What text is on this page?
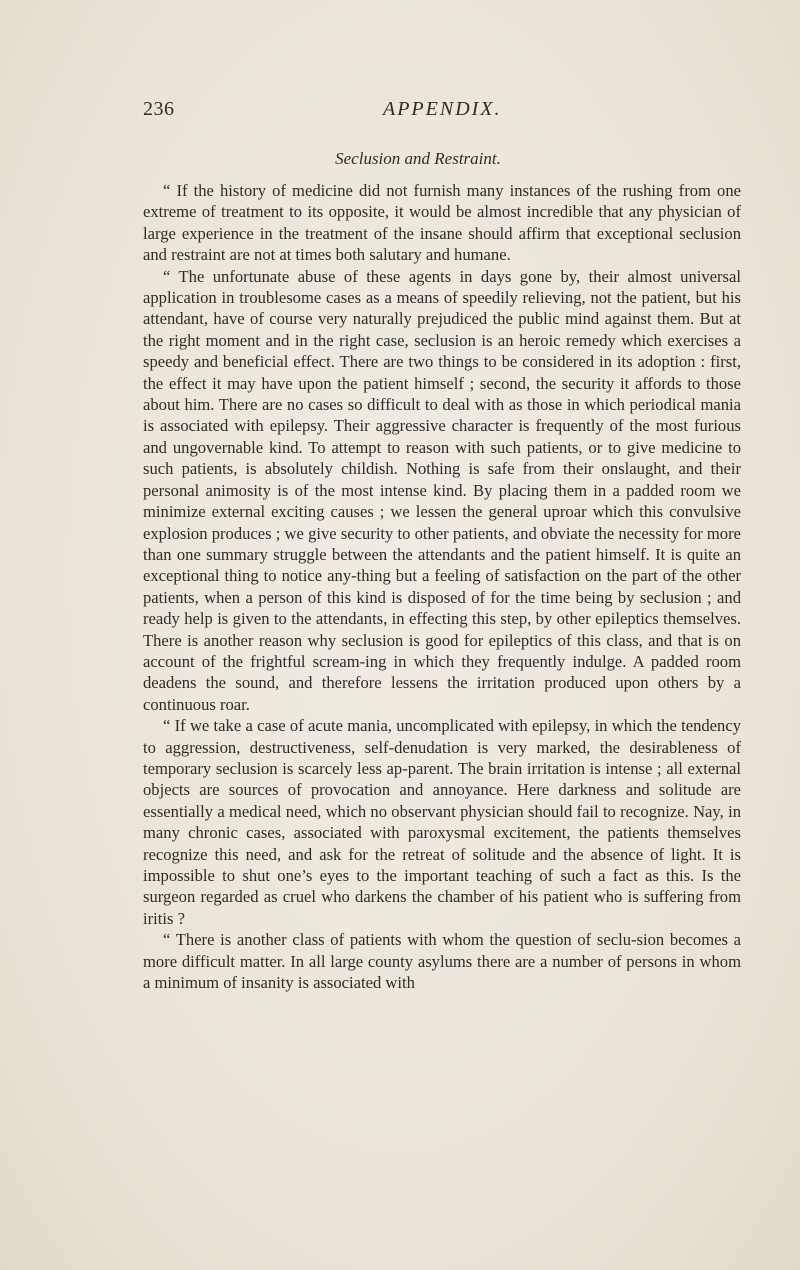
236	APPENDIX.
Seclusion and Restraint.

“ If the history of medicine did not furnish many instances of the rushing from one extreme of treatment to its opposite, it would be almost incredible that any physician of large experience in the treatment of the insane should affirm that exceptional seclusion and restraint are not at times both salutary and humane.

“ The unfortunate abuse of these agents in days gone by, their almost universal application in troublesome cases as a means of speedily relieving, not the patient, but his attendant, have of course very naturally prejudiced the public mind against them. But at the right moment and in the right case, seclusion is an heroic remedy which exercises a speedy and beneficial effect. There are two things to be considered in its adoption : first, the effect it may have upon the patient himself ; second, the security it affords to those about him. There are no cases so difficult to deal with as those in which periodical mania is associated with epilepsy. Their aggressive character is frequently of the most furious and ungovernable kind. To attempt to reason with such patients, or to give medicine to such patients, is absolutely childish. Nothing is safe from their onslaught, and their personal animosity is of the most intense kind. By placing them in a padded room we minimize external exciting causes ; we lessen the general uproar which this convulsive explosion produces ; we give security to other patients, and obviate the necessity for more than one summary struggle between the attendants and the patient himself. It is quite an exceptional thing to notice any-thing but a feeling of satisfaction on the part of the other patients, when a person of this kind is disposed of for the time being by seclusion ; and ready help is given to the attendants, in effecting this step, by other epileptics themselves. There is another reason why seclusion is good for epileptics of this class, and that is on account of the frightful scream-ing in which they frequently indulge. A padded room deadens the sound, and therefore lessens the irritation produced upon others by a continuous roar.

“ If we take a case of acute mania, uncomplicated with epilepsy, in which the tendency to aggression, destructiveness, self-denudation is very marked, the desirableness of temporary seclusion is scarcely less ap-parent. The brain irritation is intense ; all external objects are sources of provocation and annoyance. Here darkness and solitude are essentially a medical need, which no observant physician should fail to recognize. Nay, in many chronic cases, associated with paroxysmal excitement, the patients themselves recognize this need, and ask for the retreat of solitude and the absence of light. It is impossible to shut one’s eyes to the important teaching of such a fact as this. Is the surgeon regarded as cruel who darkens the chamber of his patient who is suffering from iritis ?

“ There is another class of patients with whom the question of seclu-sion becomes a more difficult matter. In all large county asylums there are a number of persons in whom a minimum of insanity is associated with
